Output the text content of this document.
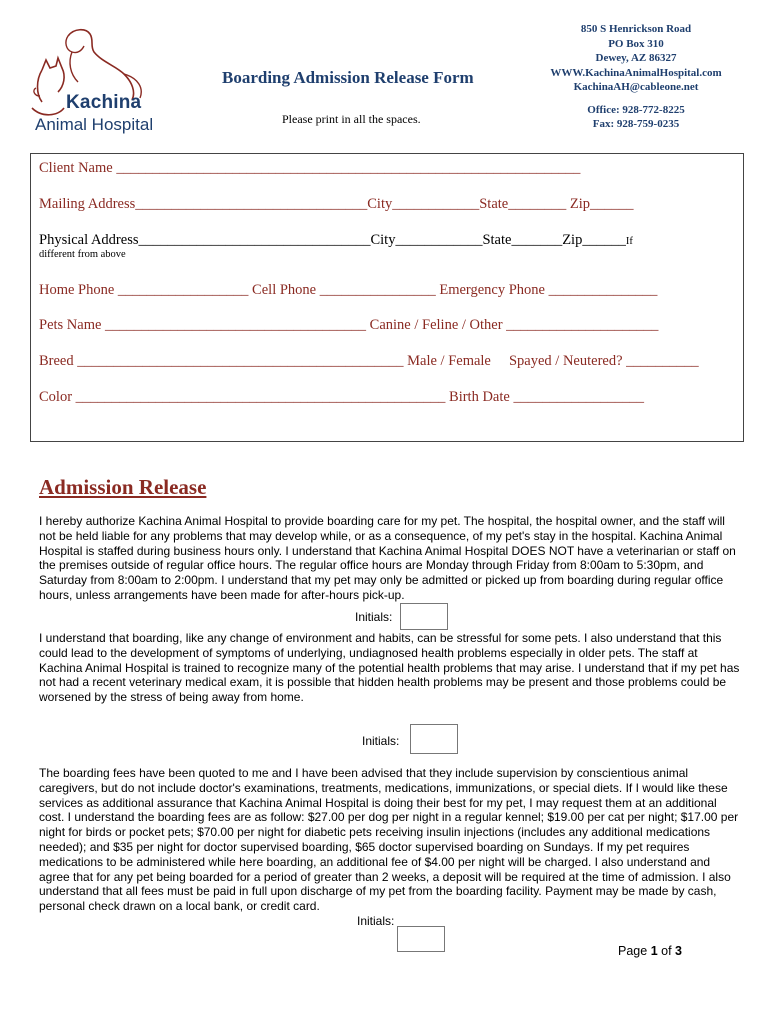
Kachina
Animal Hospital
Boarding Admission Release Form
Please print in all the spaces.
850 S Henrickson Road
PO Box 310
Dewey, AZ 86327
WWW.KachinaAnimalHospital.com
KachinaAH@cableone.net
Office: 928-772-8225
Fax: 928-759-0235
Client Name ________________________________________________________________
Mailing Address________________________________City____________State________ Zip______
Physical Address________________________________City____________State_______Zip______If
different from above
Home Phone __________________ Cell Phone ________________ Emergency Phone _______________
Pets Name ____________________________________ Canine / Feline / Other _____________________
Breed _____________________________________________ Male / Female     Spayed / Neutered? __________
Color ___________________________________________________ Birth Date __________________
Admission Release
I hereby authorize Kachina Animal Hospital to provide boarding care for my pet. The hospital, the hospital owner, and the staff will not be held liable for any problems that may develop while, or as a consequence, of my pet's stay in the hospital. Kachina Animal Hospital is staffed during business hours only. I understand that Kachina Animal Hospital DOES NOT have a veterinarian or staff on the premises outside of regular office hours. The regular office hours are Monday through Friday from 8:00am to 5:30pm, and Saturday from 8:00am to 2:00pm. I understand that my pet may only be admitted or picked up from boarding during regular office hours, unless arrangements have been made for after-hours pick-up.
Initials:
I understand that boarding, like any change of environment and habits, can be stressful for some pets. I also understand that this could lead to the development of symptoms of underlying, undiagnosed health problems especially in older pets. The staff at Kachina Animal Hospital is trained to recognize many of the potential health problems that may arise. I understand that if my pet has not had a recent veterinary medical exam, it is possible that hidden health problems may be present and those problems could be worsened by the stress of being away from home.
Initials:
The boarding fees have been quoted to me and I have been advised that they include supervision by conscientious animal caregivers, but do not include doctor's examinations, treatments, medications, immunizations, or special diets. If I would like these services as additional assurance that Kachina Animal Hospital is doing their best for my pet, I may request them at an additional cost. I understand the boarding fees are as follow: $27.00 per dog per night in a regular kennel; $19.00 per cat per night; $17.00 per night for birds or pocket pets; $70.00 per night for diabetic pets receiving insulin injections (includes any additional medications needed); and $35 per night for doctor supervised boarding, $65 doctor supervised boarding on Sundays. If my pet requires medications to be administered while here boarding, an additional fee of $4.00 per night will be charged. I also understand and agree that for any pet being boarded for a period of greater than 2 weeks, a deposit will be required at the time of admission. I also understand that all fees must be paid in full upon discharge of my pet from the boarding facility. Payment may be made by cash, personal check drawn on a local bank, or credit card.
Initials:
Page 1 of 3
